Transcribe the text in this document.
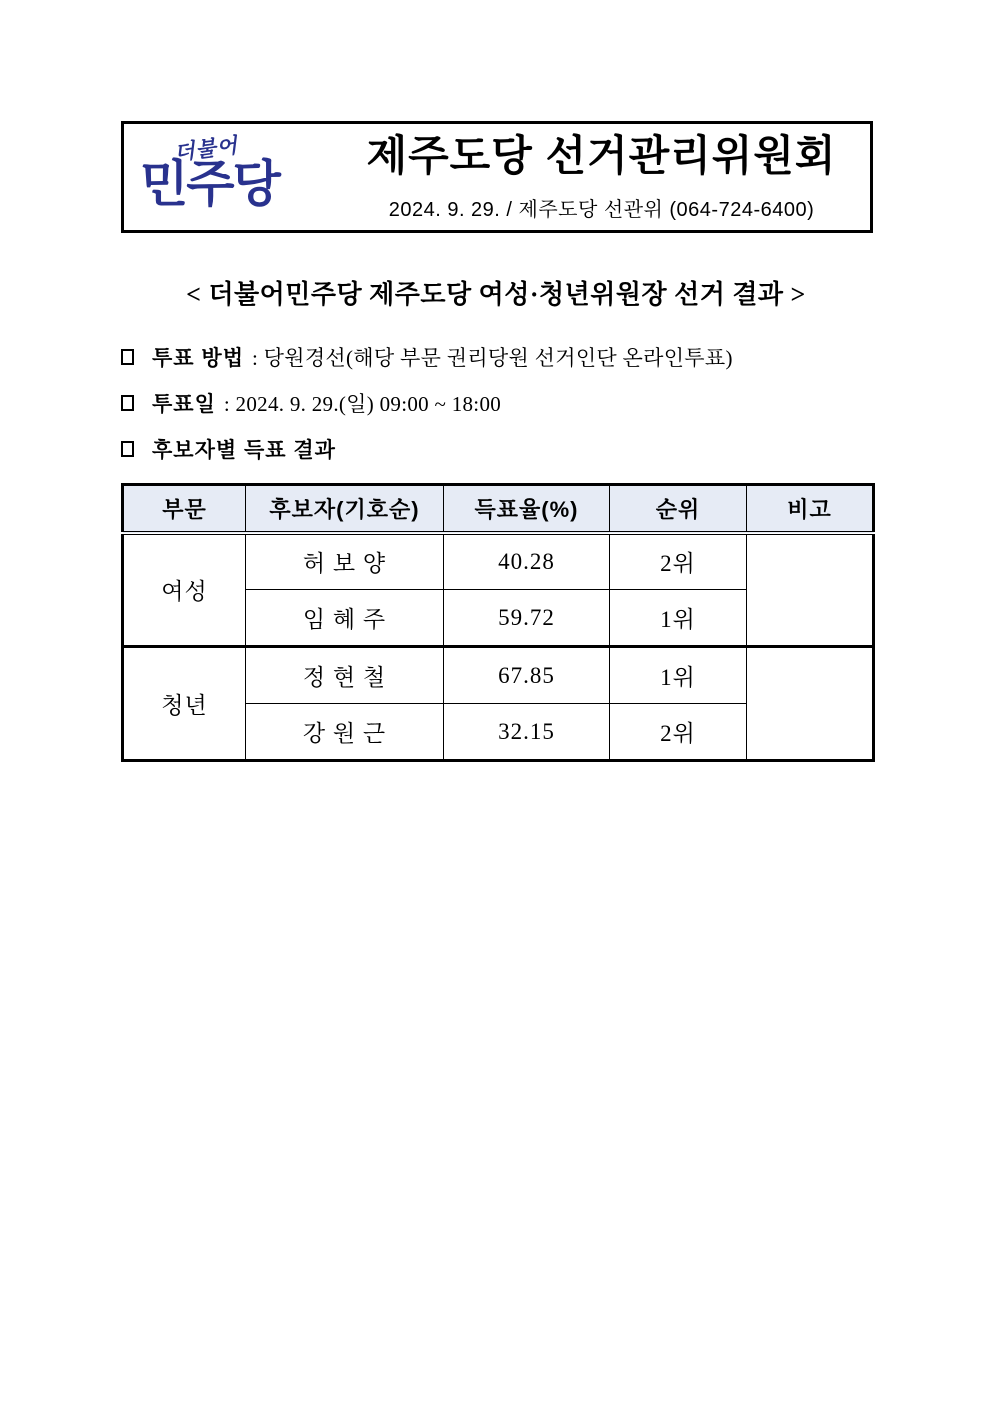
더불어
민주당
제주도당 선거관리위원회
2024. 9. 29. / 제주도당 선관위 (064-724-6400)
< 더불어민주당 제주도당 여성·청년위원장 선거 결과 >
투표 방법 : 당원경선(해당 부문 권리당원 선거인단 온라인투표)
투표일 : 2024. 9. 29.(일) 09:00 ~ 18:00
후보자별 득표 결과
부문	후보자(기호순)	득표율(%)	순위	비고
여성	허 보 양	40.28	2위	
	임 혜 주	59.72	1위	
청년	정 현 철	67.85	1위	
	강 원 근	32.15	2위	
